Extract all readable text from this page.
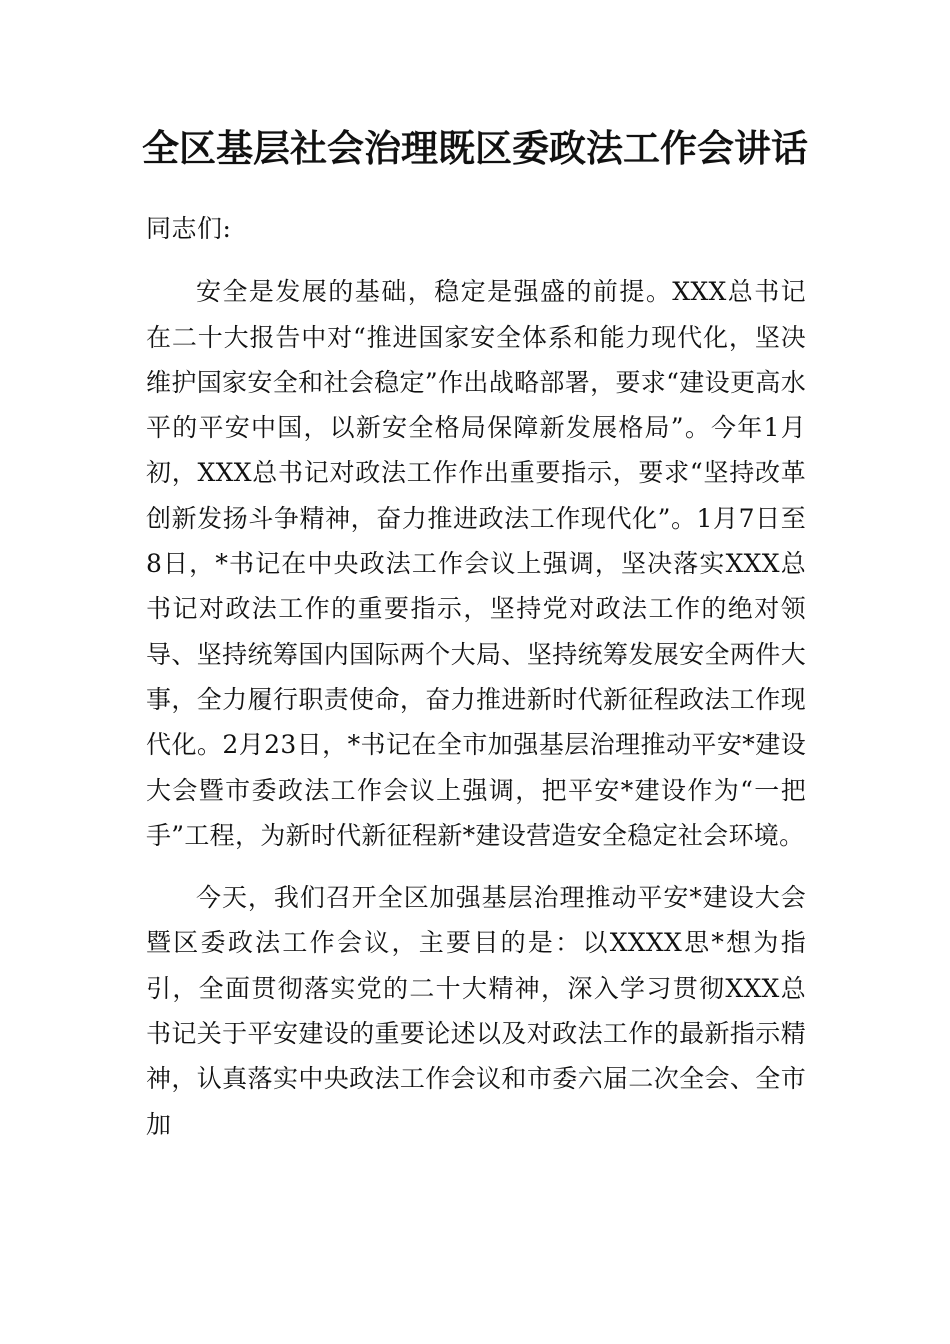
全区基层社会治理既区委政法工作会讲话

同志们:

安全是发展的基础，稳定是强盛的前提。XXX总书记在二十大报告中对“推进国家安全体系和能力现代化，坚决维护国家安全和社会稳定”作出战略部署，要求“建设更高水平的平安中国，以新安全格局保障新发展格局”。今年1月初，XXX总书记对政法工作作出重要指示，要求“坚持改革创新发扬斗争精神，奋力推进政法工作现代化”。1月7日至8日，*书记在中央政法工作会议上强调，坚决落实XXX总书记对政法工作的重要指示，坚持党对政法工作的绝对领导、坚持统筹国内国际两个大局、坚持统筹发展安全两件大事，全力履行职责使命，奋力推进新时代新征程政法工作现代化。2月23日，*书记在全市加强基层治理推动平安*建设大会暨市委政法工作会议上强调，把平安*建设作为“一把手”工程，为新时代新征程新*建设营造安全稳定社会环境。

今天，我们召开全区加强基层治理推动平安*建设大会暨区委政法工作会议，主要目的是：以XXXX思*想为指引，全面贯彻落实党的二十大精神，深入学习贯彻XXX总书记关于平安建设的重要论述以及对政法工作的最新指示精神，认真落实中央政法工作会议和市委六届二次全会、全市加
